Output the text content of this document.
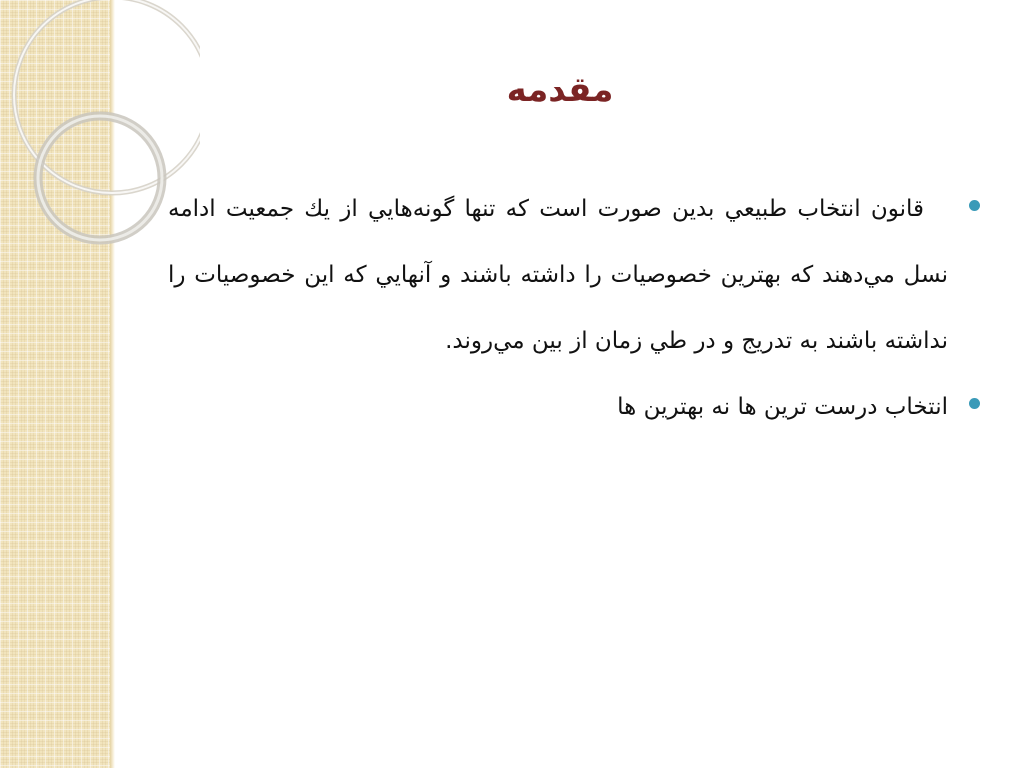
مقدمه

قانون انتخاب طبیعي بدین صورت است که تنها گونه‌هايي از يك جمعيت ادامه نسل مي‌دهند که بهترین خصوصيات را داشته باشند و آنهايي که اين خصوصيات را نداشته باشند به تدريج و در طي زمان از بين مي‌روند.

انتخاب درست ترین ها نه بهترین ها
